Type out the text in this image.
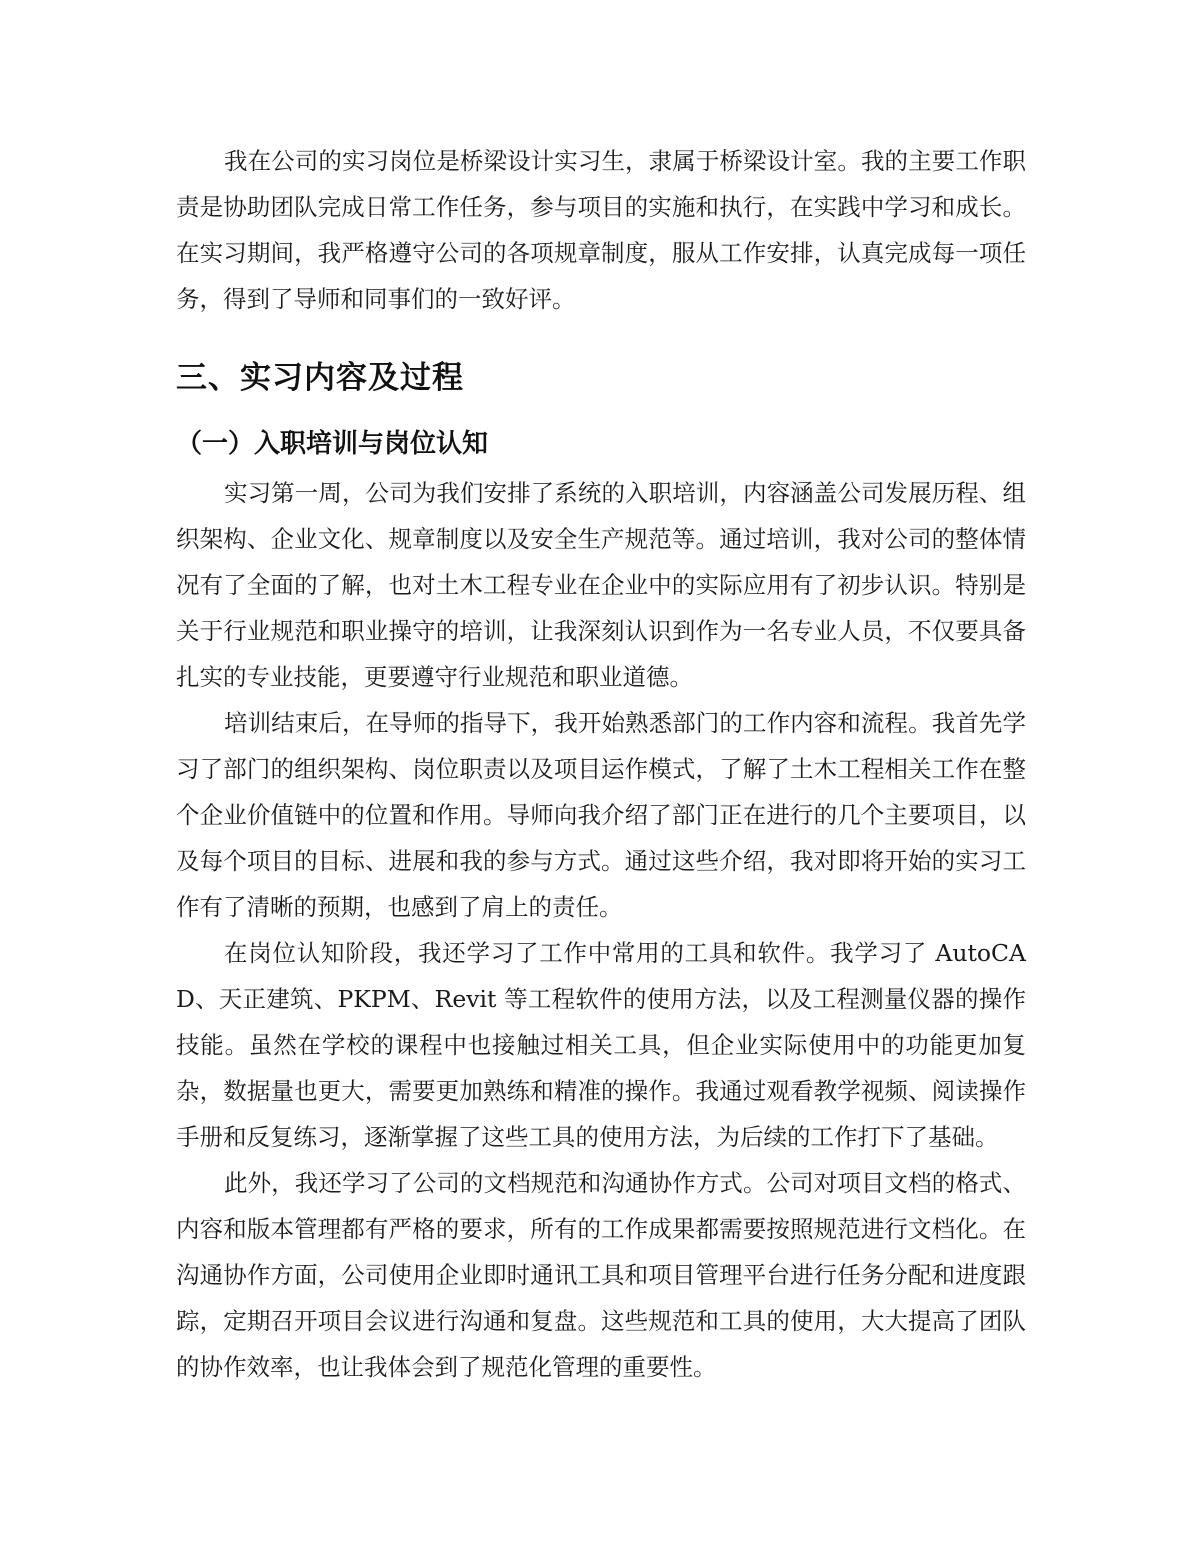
我在公司的实习岗位是桥梁设计实习生，隶属于桥梁设计室。我的主要工作职责是协助团队完成日常工作任务，参与项目的实施和执行，在实践中学习和成长。在实习期间，我严格遵守公司的各项规章制度，服从工作安排，认真完成每一项任务，得到了导师和同事们的一致好评。

三、实习内容及过程
（一）入职培训与岗位认知

实习第一周，公司为我们安排了系统的入职培训，内容涵盖公司发展历程、组织架构、企业文化、规章制度以及安全生产规范等。通过培训，我对公司的整体情况有了全面的了解，也对土木工程专业在企业中的实际应用有了初步认识。特别是关于行业规范和职业操守的培训，让我深刻认识到作为一名专业人员，不仅要具备扎实的专业技能，更要遵守行业规范和职业道德。

培训结束后，在导师的指导下，我开始熟悉部门的工作内容和流程。我首先学习了部门的组织架构、岗位职责以及项目运作模式，了解了土木工程相关工作在整个企业价值链中的位置和作用。导师向我介绍了部门正在进行的几个主要项目，以及每个项目的目标、进展和我的参与方式。通过这些介绍，我对即将开始的实习工作有了清晰的预期，也感到了肩上的责任。

在岗位认知阶段，我还学习了工作中常用的工具和软件。我学习了 AutoCAD、天正建筑、PKPM、Revit 等工程软件的使用方法，以及工程测量仪器的操作技能。虽然在学校的课程中也接触过相关工具，但企业实际使用中的功能更加复杂，数据量也更大，需要更加熟练和精准的操作。我通过观看教学视频、阅读操作手册和反复练习，逐渐掌握了这些工具的使用方法，为后续的工作打下了基础。

此外，我还学习了公司的文档规范和沟通协作方式。公司对项目文档的格式、内容和版本管理都有严格的要求，所有的工作成果都需要按照规范进行文档化。在沟通协作方面，公司使用企业即时通讯工具和项目管理平台进行任务分配和进度跟踪，定期召开项目会议进行沟通和复盘。这些规范和工具的使用，大大提高了团队的协作效率，也让我体会到了规范化管理的重要性。
